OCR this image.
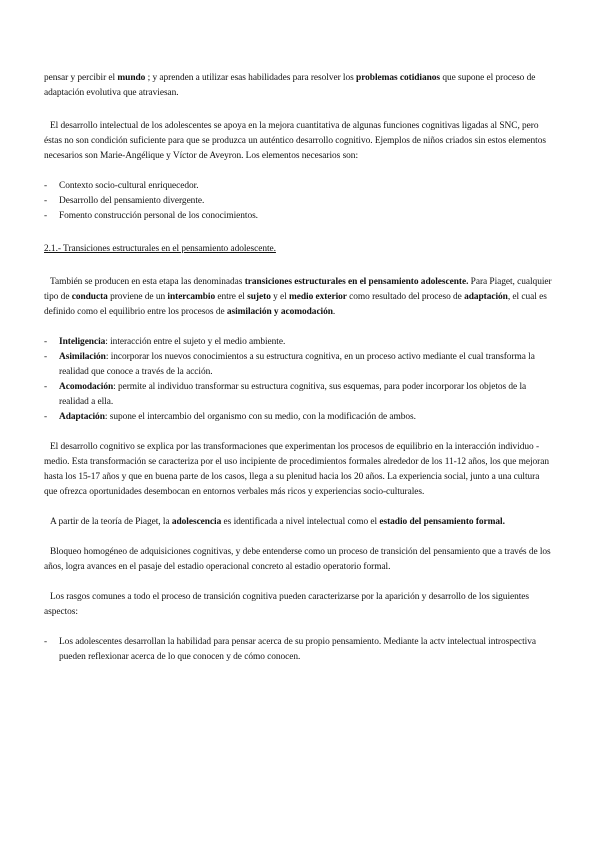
pensar y percibir el mundo ; y aprenden a utilizar esas habilidades para resolver los problemas cotidianos que supone el proceso de adaptación evolutiva que atraviesan.

El desarrollo intelectual de los adolescentes se apoya en la mejora cuantitativa de algunas funciones cognitivas ligadas al SNC, pero éstas no son condición suficiente para que se produzca un auténtico desarrollo cognitivo. Ejemplos de niños criados sin estos elementos necesarios son Marie-Angélique y Víctor de Aveyron. Los elementos necesarios son:

-	Contexto socio-cultural enriquecedor.
-	Desarrollo del pensamiento divergente.
-	Fomento construcción personal de los conocimientos.

2.1.- Transiciones estructurales en el pensamiento adolescente.

También se producen en esta etapa las denominadas transiciones estructurales en el pensamiento adolescente. Para Piaget, cualquier tipo de conducta proviene de un intercambio entre el sujeto y el medio exterior como resultado del proceso de adaptación, el cual es definido como el equilibrio entre los procesos de asimilación y acomodación.

-	Inteligencia: interacción entre el sujeto y el medio ambiente.
-	Asimilación: incorporar los nuevos conocimientos a su estructura cognitiva, en un proceso activo mediante el cual transforma la realidad que conoce a través de la acción.
-	Acomodación: permite al individuo transformar su estructura cognitiva, sus esquemas, para poder incorporar los objetos de la realidad a ella.
-	Adaptación: supone el intercambio del organismo con su medio, con la modificación de ambos.

El desarrollo cognitivo se explica por las transformaciones que experimentan los procesos de equilibrio en la interacción individuo - medio. Esta transformación se caracteriza por el uso incipiente de procedimientos formales alrededor de los 11-12 años, los que mejoran hasta los 15-17 años y que en buena parte de los casos, llega a su plenitud hacia los 20 años. La experiencia social, junto a una cultura que ofrezca oportunidades desembocan en entornos verbales más ricos y experiencias socio-culturales.

A partir de la teoría de Piaget, la adolescencia es identificada a nivel intelectual como el estadio del pensamiento formal.

Bloqueo homogéneo de adquisiciones cognitivas, y debe entenderse como un proceso de transición del pensamiento que a través de los años, logra avances en el pasaje del estadio operacional concreto al estadio operatorio formal.

Los rasgos comunes a todo el proceso de transición cognitiva pueden caracterizarse por la aparición y desarrollo de los siguientes aspectos:

-	Los adolescentes desarrollan la habilidad para pensar acerca de su propio pensamiento. Mediante la actv intelectual introspectiva pueden reflexionar acerca de lo que conocen y de cómo conocen.
